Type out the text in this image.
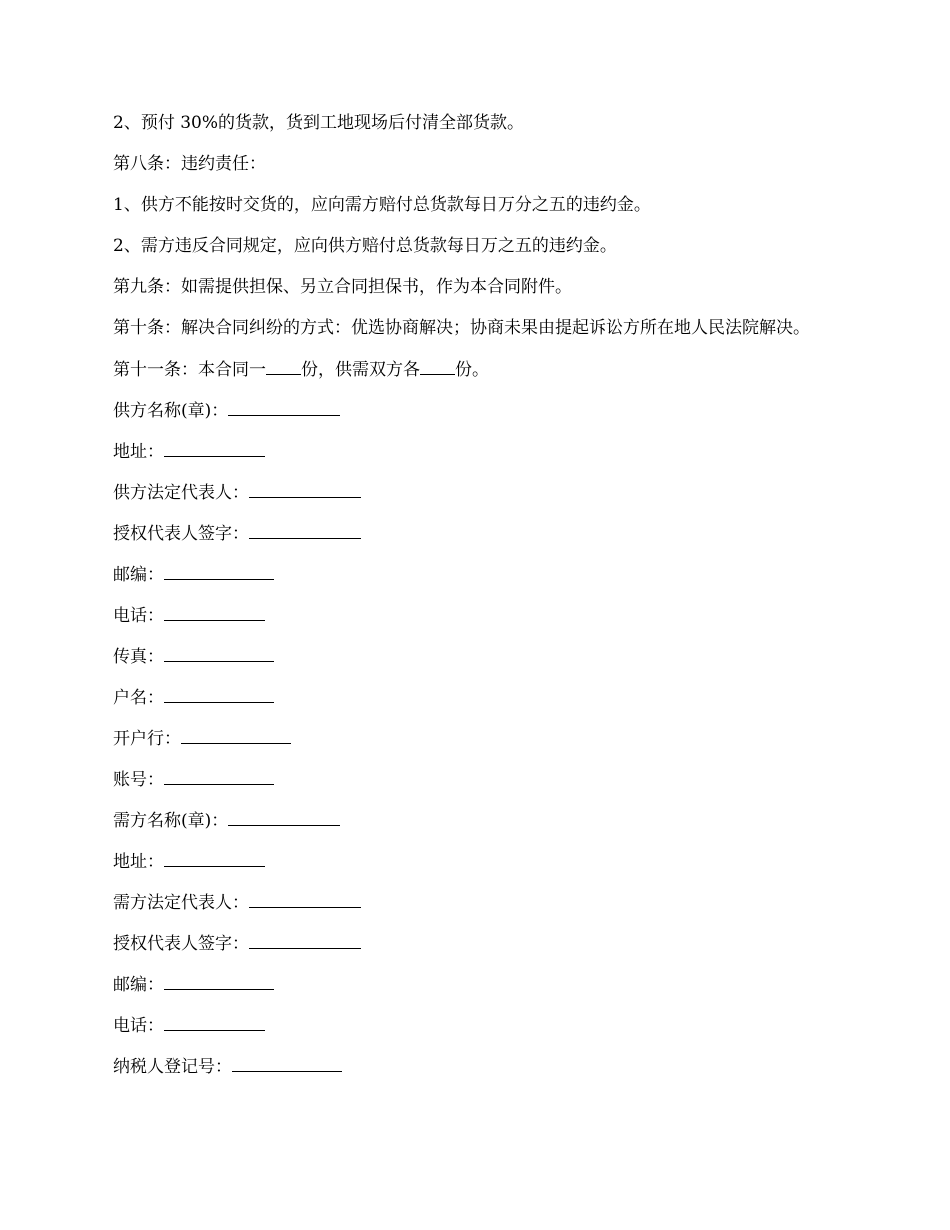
2、预付 30%的货款，货到工地现场后付清全部货款。

第八条：违约责任：

1、供方不能按时交货的，应向需方赔付总货款每日万分之五的违约金。

2、需方违反合同规定，应向供方赔付总货款每日万之五的违约金。

第九条：如需提供担保、另立合同担保书，作为本合同附件。

第十条：解决合同纠纷的方式：优选协商解决；协商未果由提起诉讼方所在地人民法院解决。

第十一条：本合同一 份，供需双方各 份。
供方名称(章)：
地址：
供方法定代表人：
授权代表人签字：
邮编：
电话：
传真：
户名：
开户行：
账号：
需方名称(章)：
地址：
需方法定代表人：
授权代表人签字：
邮编：
电话：
纳税人登记号：
